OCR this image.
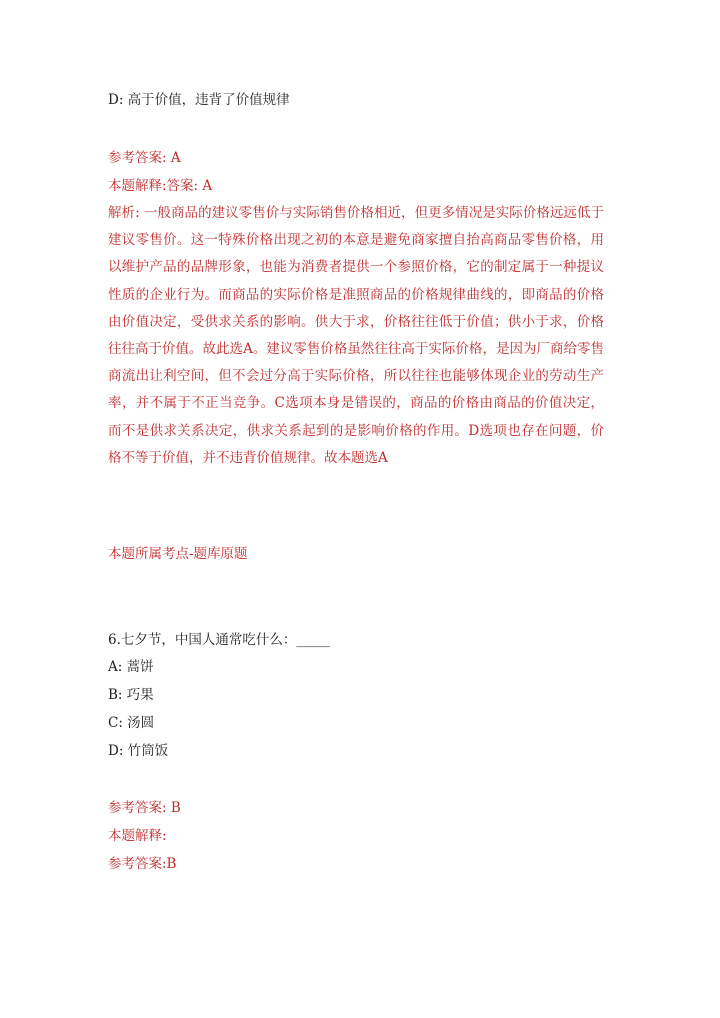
D: 高于价值，违背了价值规律
参考答案: A
本题解释:答案: A
解析: 一般商品的建议零售价与实际销售价格相近，但更多情况是实际价格远远低于建议零售价。这一特殊价格出现之初的本意是避免商家擅自抬高商品零售价格，用以维护产品的品牌形象，也能为消费者提供一个参照价格，它的制定属于一种提议性质的企业行为。而商品的实际价格是准照商品的价格规律曲线的，即商品的价格由价值决定，受供求关系的影响。供大于求，价格往往低于价值；供小于求，价格往往高于价值。故此选A。建议零售价格虽然往往高于实际价格，是因为厂商给零售商流出让利空间，但不会过分高于实际价格，所以往往也能够体现企业的劳动生产率，并不属于不正当竞争。C选项本身是错误的，商品的价格由商品的价值决定，而不是供求关系决定，供求关系起到的是影响价格的作用。D选项也存在问题，价格不等于价值，并不违背价值规律。故本题选A
本题所属考点-题库原题
6.七夕节，中国人通常吃什么：_____
A: 蒿饼
B: 巧果
C: 汤圆
D: 竹筒饭
参考答案: B
本题解释:
参考答案:B
